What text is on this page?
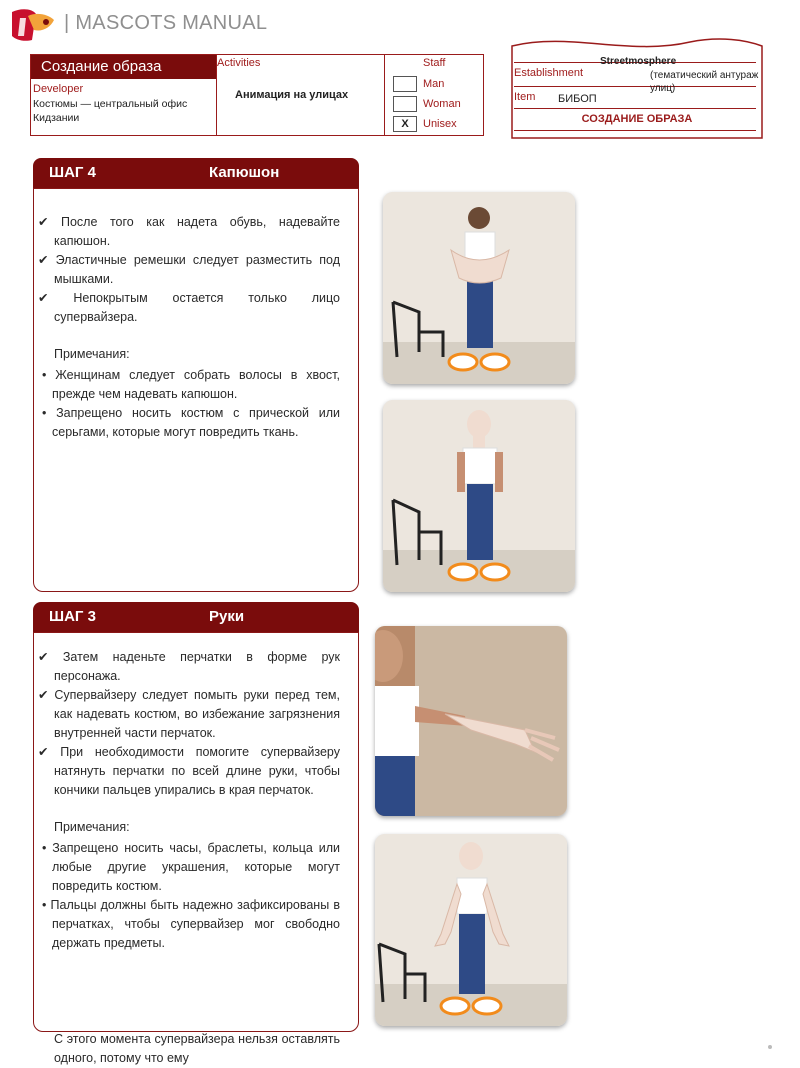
| MASCOTS MANUAL
Создание образа
Developer
Костюмы — центральный офис Кидзании
Activities
Анимация на улицах
Staff
Man
Woman
X	Unisex
Establishment
Streetmosphere
(тематический антураж улиц)
Item БИБОП
СОЗДАНИЕ ОБРАЗА
ШАГ 4	Капюшон
✔ После того как надета обувь, надевайте капюшон.
✔ Эластичные ремешки следует разместить под мышками.
✔ Непокрытым остается только лицо супервайзера.
Примечания:
• Женщинам следует собрать волосы в хвост, прежде чем надевать капюшон.
• Запрещено носить костюм с прической или серьгами, которые могут повредить ткань.
ШАГ 3	Руки
✔ Затем наденьте перчатки в форме рук персонажа.
✔ Супервайзеру следует помыть руки перед тем, как надевать костюм, во избежание загрязнения внутренней части перчаток.
✔ При необходимости помогите супервайзеру натянуть перчатки по всей длине руки, чтобы кончики пальцев упирались в края перчаток.
Примечания:
• Запрещено носить часы, браслеты, кольца или любые другие украшения, которые могут повредить костюм.
• Пальцы должны быть надежно зафиксированы в перчатках, чтобы супервайзер мог свободно держать предметы.
С этого момента супервайзера нельзя оставлять одного, потому что ему
